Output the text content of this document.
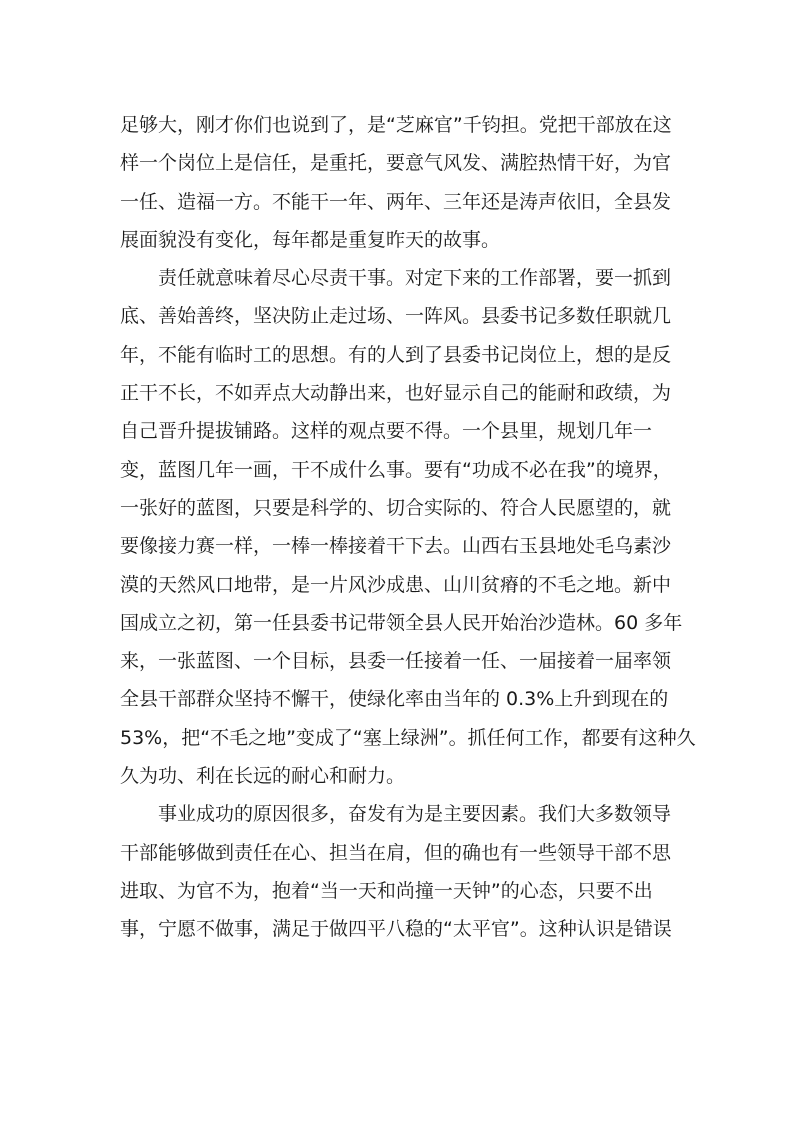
足够大，刚才你们也说到了，是“芝麻官”千钧担。党把干部放在这
样一个岗位上是信任，是重托，要意气风发、满腔热情干好，为官
一任、造福一方。不能干一年、两年、三年还是涛声依旧，全县发
展面貌没有变化，每年都是重复昨天的故事。
责任就意味着尽心尽责干事。对定下来的工作部署，要一抓到
底、善始善终，坚决防止走过场、一阵风。县委书记多数任职就几
年，不能有临时工的思想。有的人到了县委书记岗位上，想的是反
正干不长，不如弄点大动静出来，也好显示自己的能耐和政绩，为
自己晋升提拔铺路。这样的观点要不得。一个县里，规划几年一
变，蓝图几年一画，干不成什么事。要有“功成不必在我”的境界，
一张好的蓝图，只要是科学的、切合实际的、符合人民愿望的，就
要像接力赛一样，一棒一棒接着干下去。山西右玉县地处毛乌素沙
漠的天然风口地带，是一片风沙成患、山川贫瘠的不毛之地。新中
国成立之初，第一任县委书记带领全县人民开始治沙造林。60 多年
来，一张蓝图、一个目标，县委一任接着一任、一届接着一届率领
全县干部群众坚持不懈干，使绿化率由当年的 0.3%上升到现在的
53%，把“不毛之地”变成了“塞上绿洲”。抓任何工作，都要有这种久
久为功、利在长远的耐心和耐力。
事业成功的原因很多，奋发有为是主要因素。我们大多数领导
干部能够做到责任在心、担当在肩，但的确也有一些领导干部不思
进取、为官不为，抱着“当一天和尚撞一天钟”的心态，只要不出
事，宁愿不做事，满足于做四平八稳的“太平官”。这种认识是错误
